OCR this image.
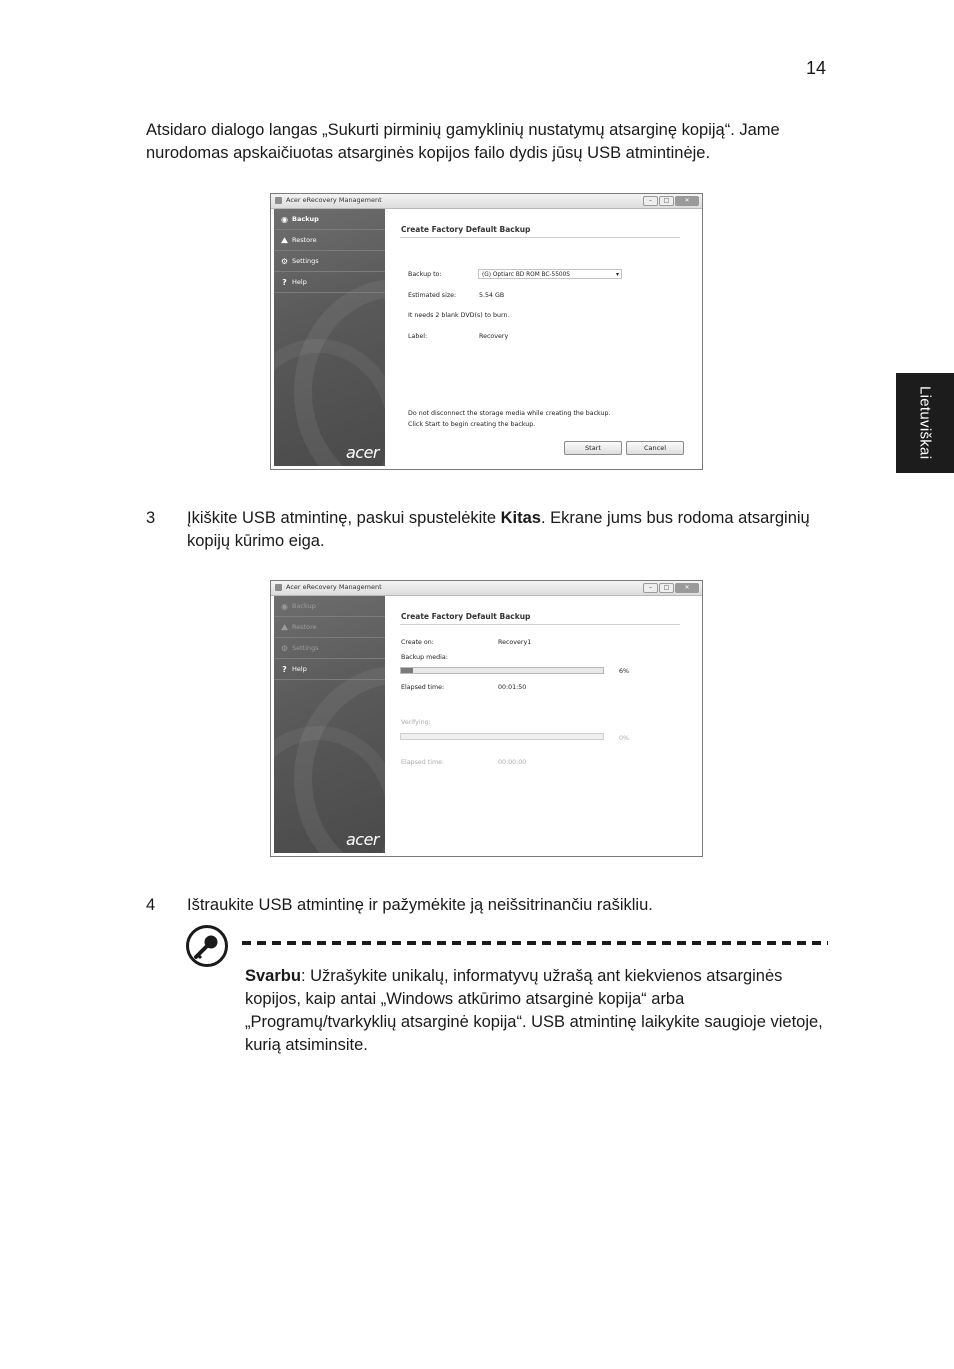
14
Lietuviškai

Atsidaro dialogo langas „Sukurti pirminių gamyklinių nustatymų atsarginę kopiją“. Jame nurodomas apskaičiuotas atsarginės kopijos failo dydis jūsų USB atmintinėje.

Acer eRecovery Management	–	□	✕
◉ Backup
⛰ Restore
⚙ Settings
? Help
acer
Create Factory Default Backup
Backup to:	(G) Optiarc BD ROM BC-5500S	▾
Estimated size:	5.54 GB
It needs 2 blank DVD(s) to burn.
Label:	Recovery
Do not disconnect the storage media while creating the backup.
Click Start to begin creating the backup.
Start	Cancel
3 Įkiškite USB atmintinę, paskui spustelėkite Kitas. Ekrane jums bus rodoma atsarginių kopijų kūrimo eiga.
Acer eRecovery Management	–	□	✕
◉ Backup
⛰ Restore
⚙ Settings
? Help
acer
Create Factory Default Backup
Create on:	Recovery1
Backup media:
6%
Elapsed time:	00:01:50
Verifying:
0%
Elapsed time:	00:00:00
4 Ištraukite USB atmintinę ir pažymėkite ją neišsitrinančiu rašikliu.
Svarbu: Užrašykite unikalų, informatyvų užrašą ant kiekvienos atsarginės kopijos, kaip antai „Windows atkūrimo atsarginė kopija“ arba „Programų/tvarkyklių atsarginė kopija“. USB atmintinę laikykite saugioje vietoje, kurią atsiminsite.
